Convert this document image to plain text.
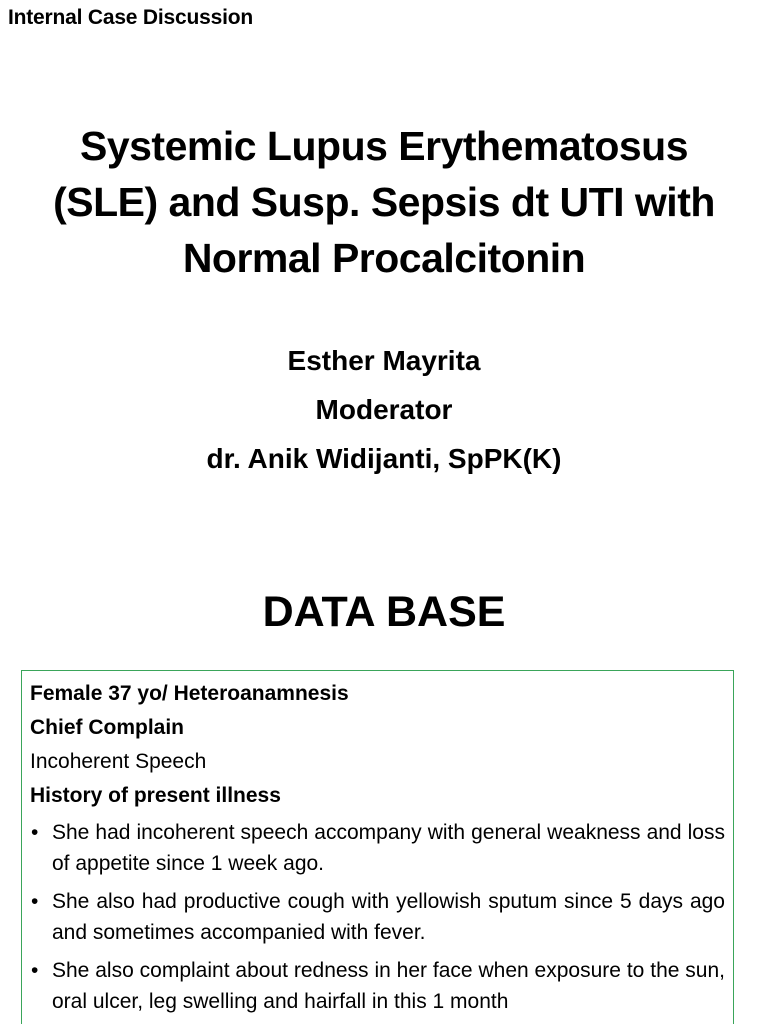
Internal Case Discussion
Systemic Lupus Erythematosus
(SLE) and Susp. Sepsis dt UTI with
Normal Procalcitonin
Esther Mayrita
Moderator
dr. Anik Widijanti, SpPK(K)
DATA BASE
Female 37 yo/ Heteroanamnesis
Chief Complain
Incoherent Speech
History of present illness
• She had incoherent speech accompany with general weakness and loss of appetite since 1 week ago.
• She also had productive cough with yellowish sputum since 5 days ago and sometimes accompanied with fever.
• She also complaint about redness in her face when exposure to the sun, oral ulcer, leg swelling and hairfall in this 1 month
